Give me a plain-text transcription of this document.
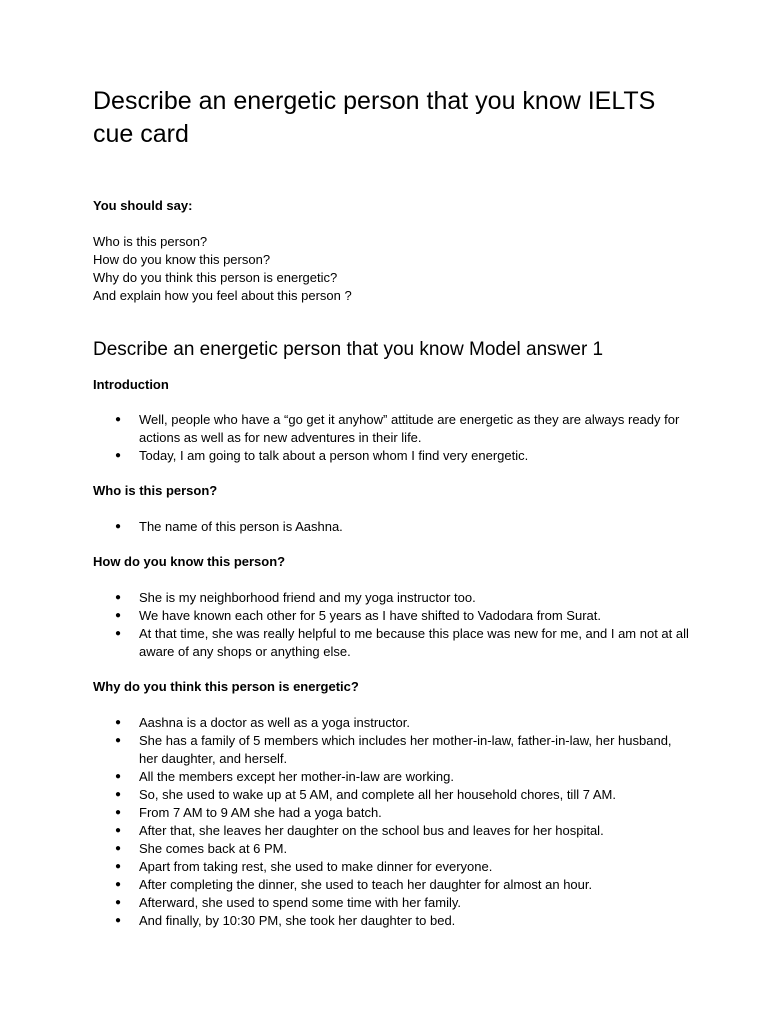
Describe an energetic person that you know IELTS cue card

You should say:

Who is this person?

How do you know this person?

Why do you think this person is energetic?

And explain how you feel about this person ?

Describe an energetic person that you know Model answer 1

Introduction

● Well, people who have a “go get it anyhow” attitude are energetic as they are always ready for actions as well as for new adventures in their life.
● Today, I am going to talk about a person whom I find very energetic.

Who is this person?

● The name of this person is Aashna.

How do you know this person?

● She is my neighborhood friend and my yoga instructor too.
● We have known each other for 5 years as I have shifted to Vadodara from Surat.
● At that time, she was really helpful to me because this place was new for me, and I am not at all aware of any shops or anything else.

Why do you think this person is energetic?

● Aashna is a doctor as well as a yoga instructor.
● She has a family of 5 members which includes her mother-in-law, father-in-law, her husband, her daughter, and herself.
● All the members except her mother-in-law are working.
● So, she used to wake up at 5 AM, and complete all her household chores, till 7 AM.
● From 7 AM to 9 AM she had a yoga batch.
● After that, she leaves her daughter on the school bus and leaves for her hospital.
● She comes back at 6 PM.
● Apart from taking rest, she used to make dinner for everyone.
● After completing the dinner, she used to teach her daughter for almost an hour.
● Afterward, she used to spend some time with her family.
● And finally, by 10:30 PM, she took her daughter to bed.
